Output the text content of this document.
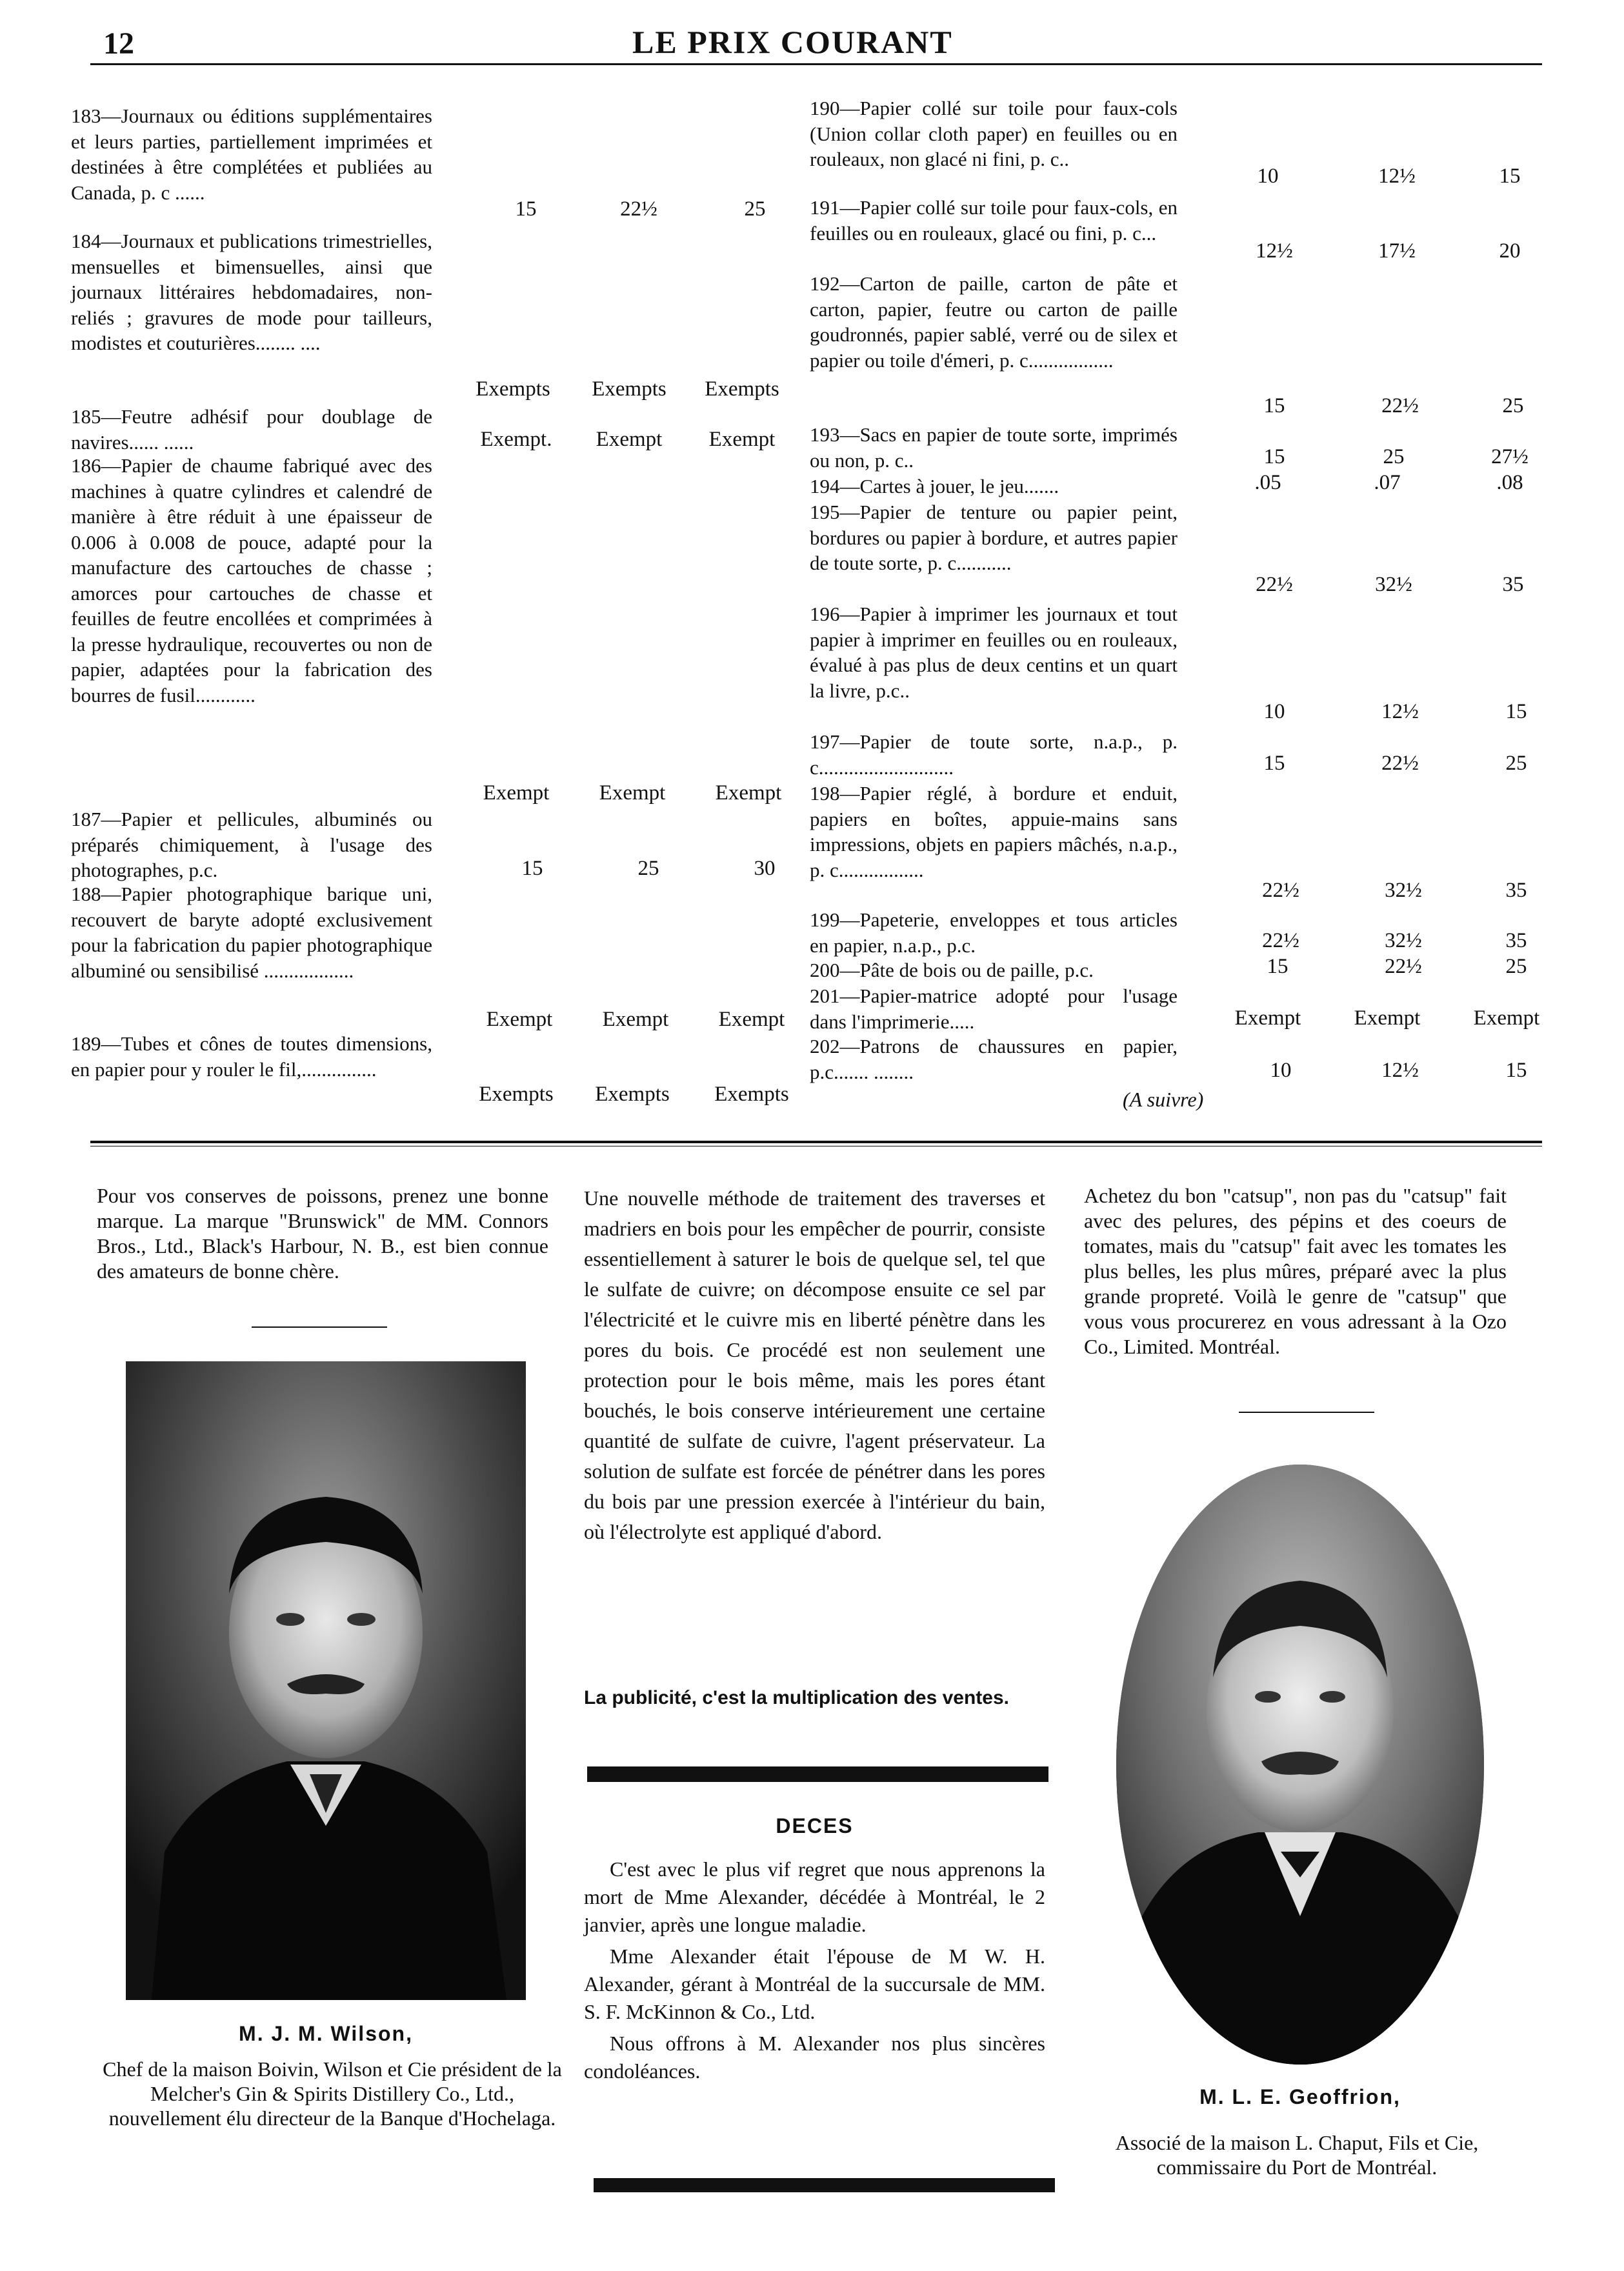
12	LE PRIX COURANT
183—Journaux ou éditions supplémentaires et leurs parties, partiellement imprimées et destinées à être complétées et publiées au Canada, p. c ......
15	22½	25
184—Journaux et publications trimestrielles, mensuelles et bimensuelles, ainsi que journaux littéraires hebdomadaires, non-reliés ; gravures de mode pour tailleurs, modistes et couturières........ ....
Exempts	Exempts	Exempts
185—Feutre adhésif pour doublage de navires...... ......	Exempt.	Exempt	Exempt
186—Papier de chaume fabriqué avec des machines à quatre cylindres et calendré de manière à être réduit à une épaisseur de 0.006 à 0.008 de pouce, adapté pour la manufacture des cartouches de chasse ; amorces pour cartouches de chasse et feuilles de feutre encollées et comprimées à la presse hydraulique, recouvertes ou non de papier, adaptées pour la fabrication des bourres de fusil............
Exempt	Exempt	Exempt
187—Papier et pellicules, albuminés ou préparés chimiquement, à l'usage des photographes, p.c.	15	25	30
188—Papier photographique barique uni, recouvert de baryte adopté exclusivement pour la fabrication du papier photographique albuminé ou sensibilisé ..................
Exempt	Exempt	Exempt
189—Tubes et cônes de toutes dimensions, en papier pour y rouler le fil,...............
Exempts	Exempts	Exempts
190—Papier collé sur toile pour faux-cols (Union collar cloth paper) en feuilles ou en rouleaux, non glacé ni fini, p. c..
10	12½	15
191—Papier collé sur toile pour faux-cols, en feuilles ou en rouleaux, glacé ou fini, p. c...
12½	17½	20
192—Carton de paille, carton de pâte et carton, papier, feutre ou carton de paille goudronnés, papier sablé, verré ou de silex et papier ou toile d'émeri, p. c.................
15	22½	25
193—Sacs en papier de toute sorte, imprimés ou non, p. c..	15	25	27½
194—Cartes à jouer, le jeu.......	.05	.07	.08
195—Papier de tenture ou papier peint, bordures ou papier à bordure, et autres papier de toute sorte, p. c...........
22½	32½	35
196—Papier à imprimer les journaux et tout papier à imprimer en feuilles ou en rouleaux, évalué à pas plus de deux centins et un quart la livre, p.c..
10	12½	15
197—Papier de toute sorte, n.a.p., p. c...........................	15	22½	25
198—Papier réglé, à bordure et enduit, papiers en boîtes, appuie-mains sans impressions, objets en papiers mâchés, n.a.p., p. c.................
22½	32½	35
199—Papeterie, enveloppes et tous articles en papier, n.a.p., p.c.	22½	32½	35
200—Pâte de bois ou de paille, p.c.	15	22½	25
201—Papier-matrice adopté pour l'usage dans l'imprimerie.....	Exempt	Exempt	Exempt
202—Patrons de chaussures en papier, p.c....... ........	10	12½	15
(A suivre)
Pour vos conserves de poissons, prenez une bonne marque. La marque "Brunswick" de MM. Connors Bros., Ltd., Black's Harbour, N. B., est bien connue des amateurs de bonne chère.
M. J. M. Wilson,
Chef de la maison Boivin, Wilson et Cie président de la Melcher's Gin & Spirits Distillery Co., Ltd., nouvellement élu directeur de la Banque d'Hochelaga.
Une nouvelle méthode de traitement des traverses et madriers en bois pour les empêcher de pourrir, consiste essentiellement à saturer le bois de quelque sel, tel que le sulfate de cuivre; on décompose ensuite ce sel par l'électricité et le cuivre mis en liberté pénètre dans les pores du bois. Ce procédé est non seulement une protection pour le bois même, mais les pores étant bouchés, le bois conserve intérieurement une certaine quantité de sulfate de cuivre, l'agent préservateur. La solution de sulfate est forcée de pénétrer dans les pores du bois par une pression exercée à l'intérieur du bain, où l'électrolyte est appliqué d'abord.
La publicité, c'est la multiplication des ventes.
DECES

C'est avec le plus vif regret que nous apprenons la mort de Mme Alexander, décédée à Montréal, le 2 janvier, après une longue maladie.

Mme Alexander était l'épouse de M W. H. Alexander, gérant à Montréal de la succursale de MM. S. F. McKinnon & Co., Ltd.

Nous offrons à M. Alexander nos plus sincères condoléances.

Achetez du bon "catsup", non pas du "catsup" fait avec des pelures, des pépins et des coeurs de tomates, mais du "catsup" fait avec les tomates les plus belles, les plus mûres, préparé avec la plus grande propreté. Voilà le genre de "catsup" que vous vous procurerez en vous adressant à la Ozo Co., Limited. Montréal.
M. L. E. Geoffrion,
Associé de la maison L. Chaput, Fils et Cie, commissaire du Port de Montréal.
